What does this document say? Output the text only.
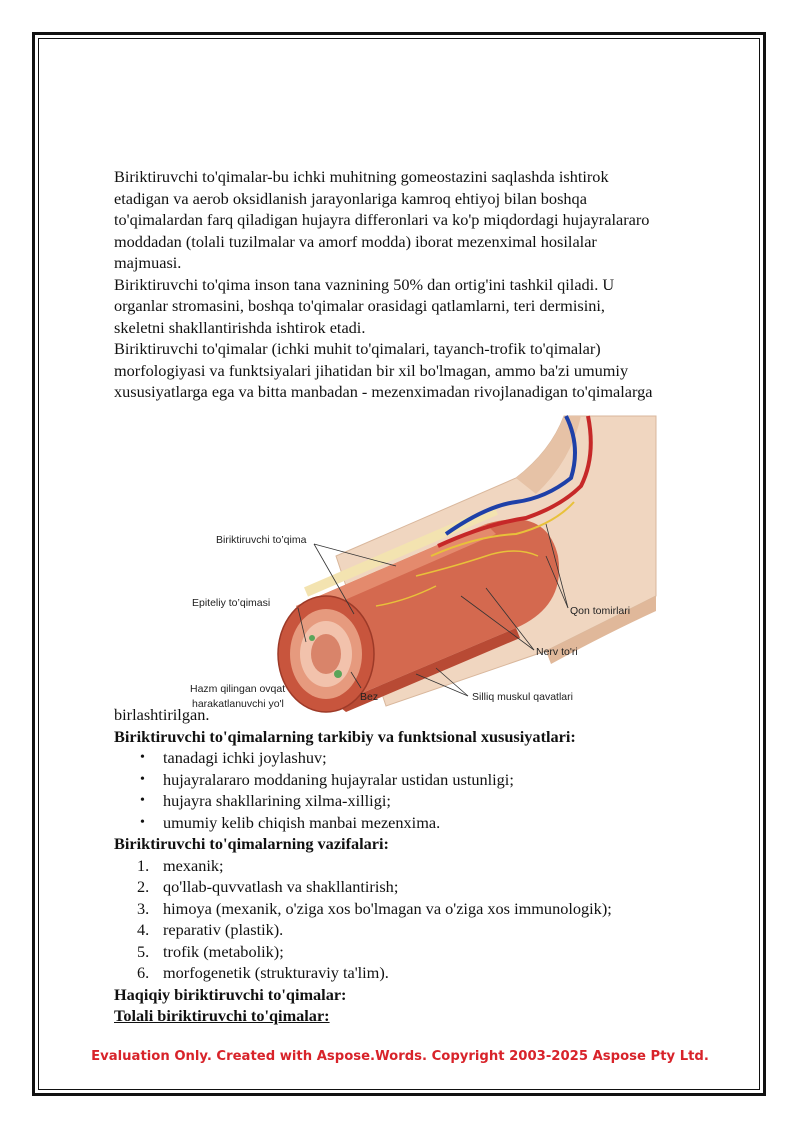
Biriktiruvchi to'qimalar-bu ichki muhitning gomeostazini saqlashda ishtirok
etadigan va aerob oksidlanish jarayonlariga kamroq ehtiyoj bilan boshqa
to'qimalardan farq qiladigan hujayra differonlari va ko'p miqdordagi hujayralararo
moddadan (tolali tuzilmalar va amorf modda) iborat mezenximal hosilalar
majmuasi.

Biriktiruvchi to'qima inson tana vaznining 50% dan ortig'ini tashkil qiladi. U
organlar stromasini, boshqa to'qimalar orasidagi qatlamlarni, teri dermisini,
skeletni shakllantirishda ishtirok etadi.

Biriktiruvchi to'qimalar (ichki muhit to'qimalari, tayanch-trofik to'qimalar)
morfologiyasi va funktsiyalari jihatidan bir xil bo'lmagan, ammo ba'zi umumiy
xususiyatlarga ega va bitta manbadan - mezenximadan rivojlanadigan to'qimalarga

Biriktiruvchi to’qima
Epiteliy to’qimasi
Hazm qilingan ovqat
harakatlanuvchi yo'l
Bez	Silliq muskul qavatlari
Qon tomirlari
Nerv to'ri
birlashtirilgan.

Biriktiruvchi to'qimalarning tarkibiy va funktsional xususiyatlari:

• tanadagi ichki joylashuv;
• hujayralararo moddaning hujayralar ustidan ustunligi;
• hujayra shakllarining xilma-xilligi;
• umumiy kelib chiqish manbai mezenxima.

Biriktiruvchi to'qimalarning vazifalari:

1. mexanik;
2. qo'llab-quvvatlash va shakllantirish;
3. himoya (mexanik, o'ziga xos bo'lmagan va o'ziga xos immunologik);
4. reparativ (plastik).
5. trofik (metabolik);
6. morfogenetik (strukturaviy ta'lim).

Haqiqiy biriktiruvchi to'qimalar:

Tolali biriktiruvchi to'qimalar:

Evaluation Only. Created with Aspose.Words. Copyright 2003-2025 Aspose Pty Ltd.
